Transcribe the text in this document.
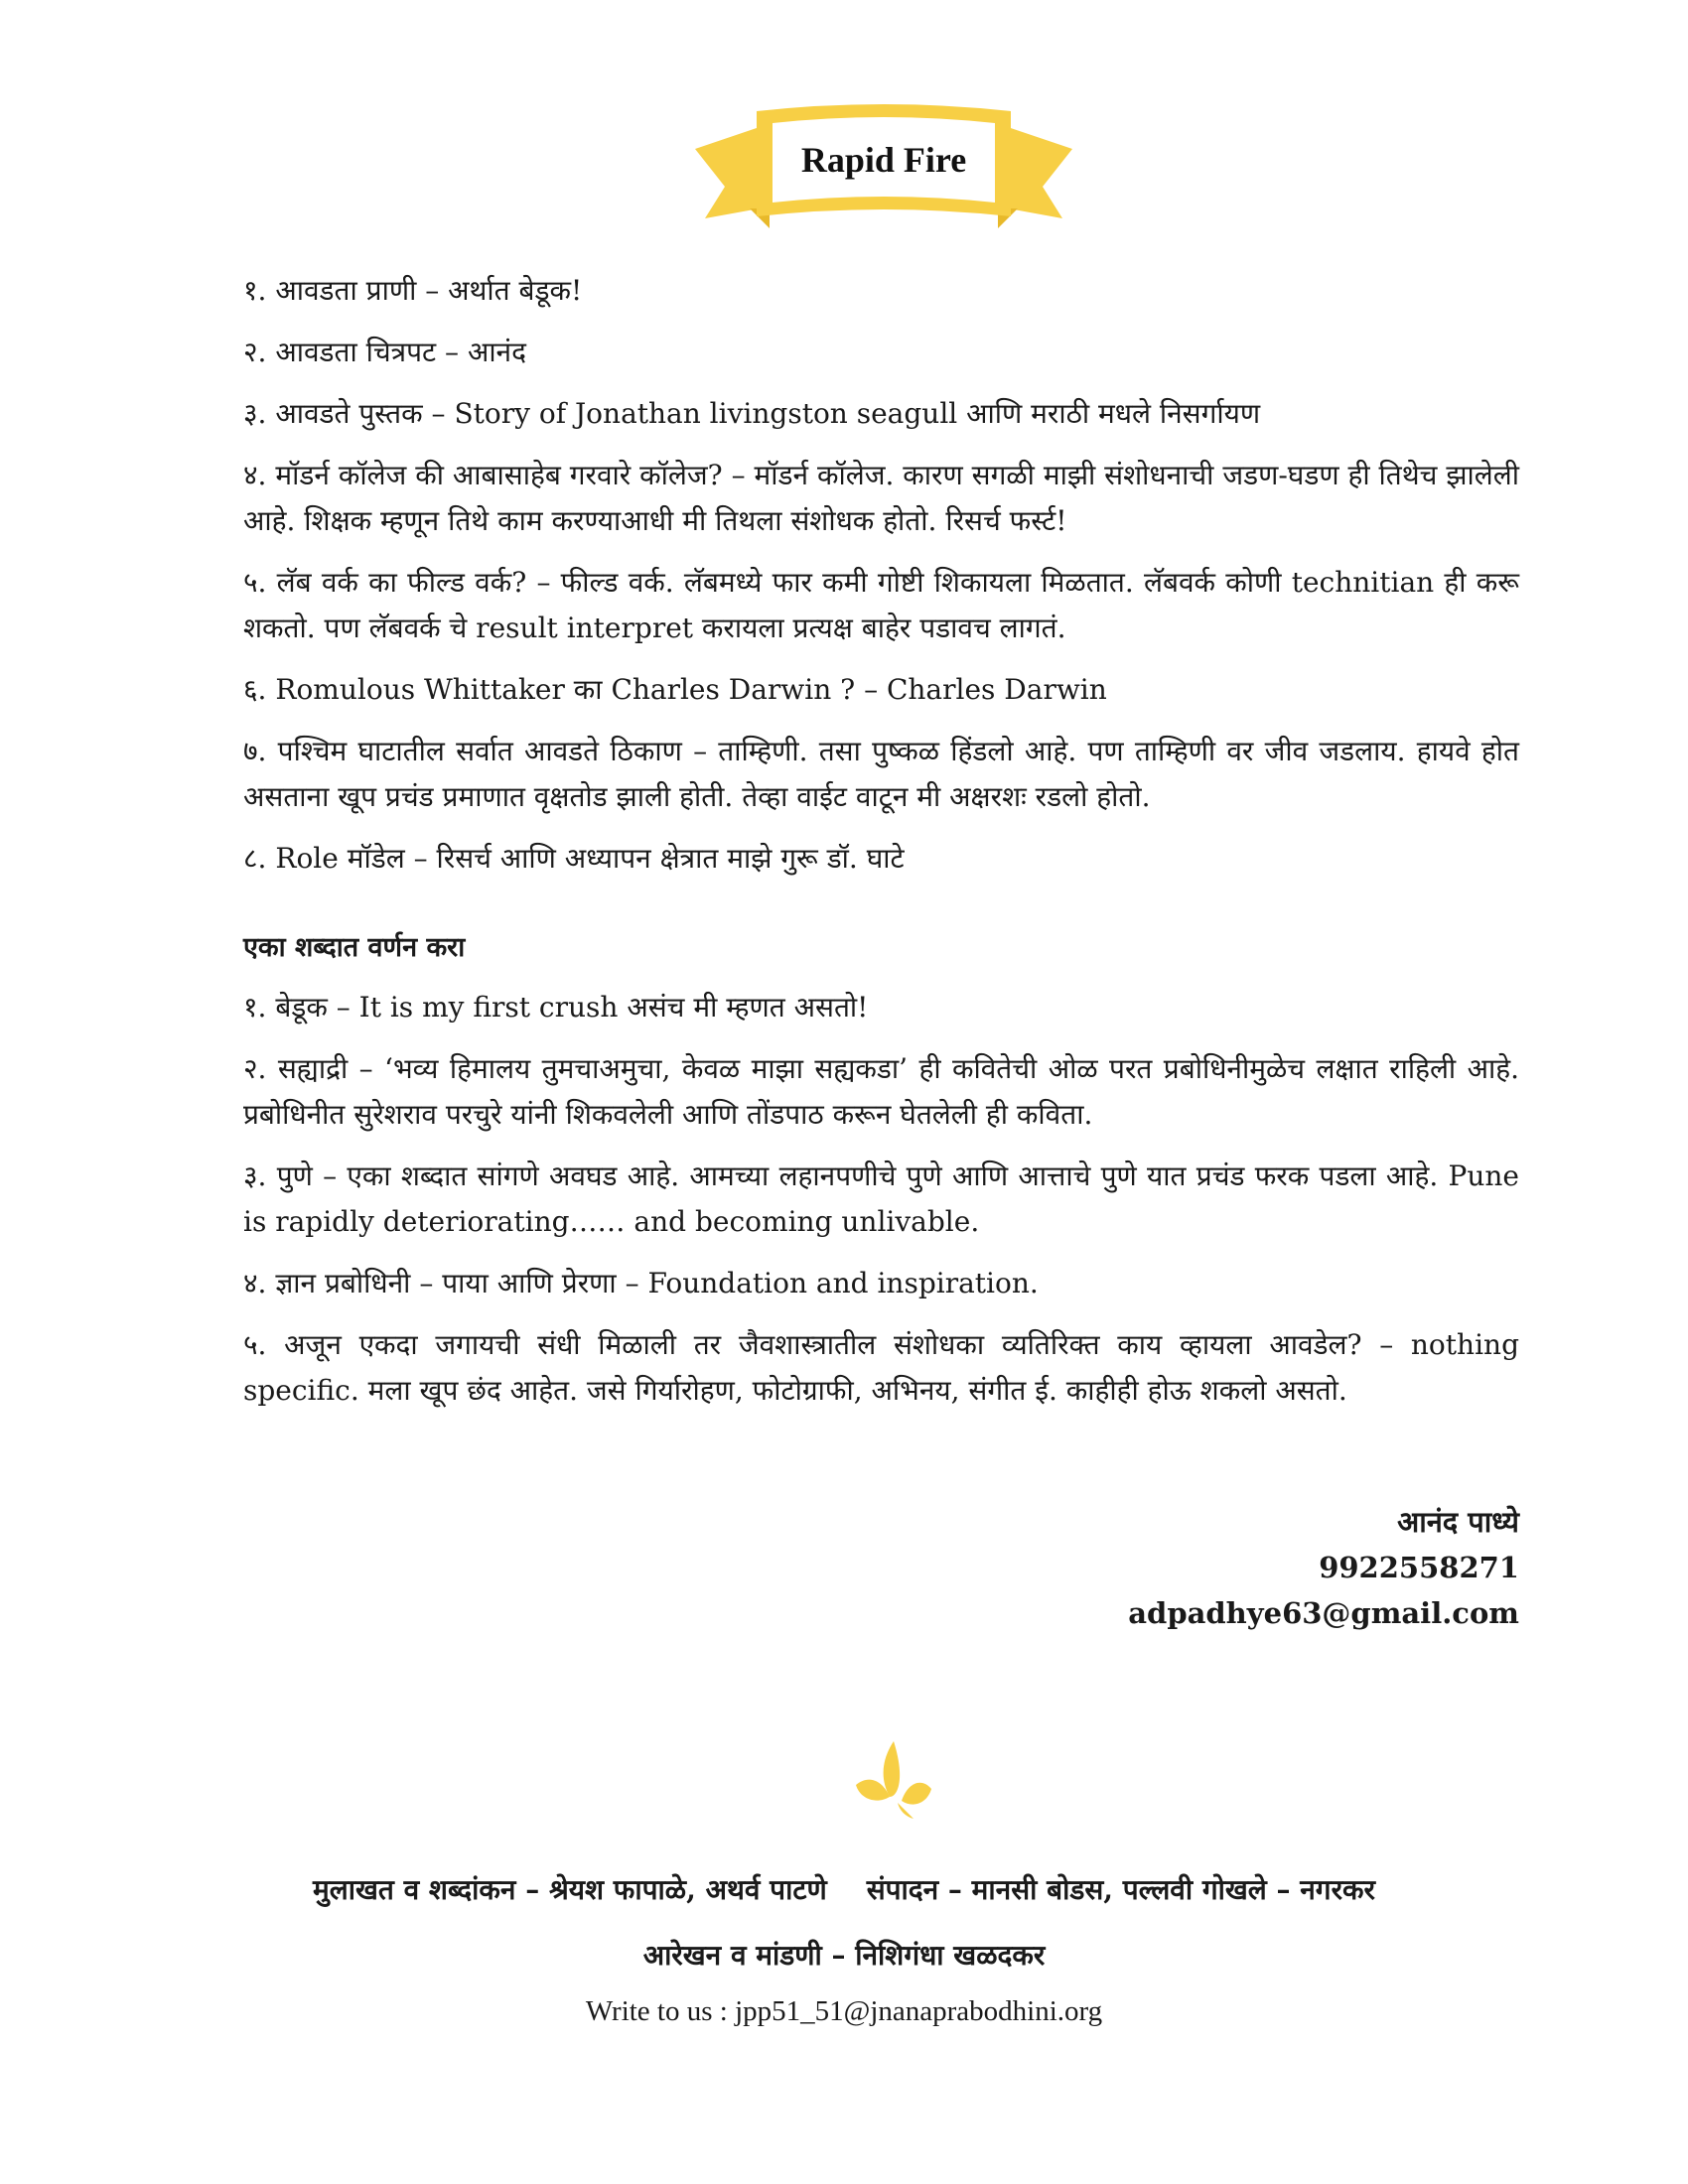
Rapid Fire

१. आवडता प्राणी – अर्थात बेडूक!

२. आवडता चित्रपट – आनंद

३. आवडते पुस्तक – Story of Jonathan livingston seagull आणि मराठी मधले निसर्गायण

४. मॉडर्न कॉलेज की आबासाहेब गरवारे कॉलेज? – मॉडर्न कॉलेज. कारण सगळी माझी संशोधनाची जडण-घडण ही तिथेच झालेली आहे. शिक्षक म्हणून तिथे काम करण्याआधी मी तिथला संशोधक होतो. रिसर्च फर्स्ट!

५. लॅब वर्क का फील्ड वर्क? – फील्ड वर्क. लॅबमध्ये फार कमी गोष्टी शिकायला मिळतात. लॅबवर्क कोणी technitian ही करू शकतो. पण लॅबवर्क चे result interpret करायला प्रत्यक्ष बाहेर पडावच लागतं.

६. Romulous Whittaker का Charles Darwin ? – Charles Darwin

७. पश्चिम घाटातील सर्वात आवडते ठिकाण – ताम्हिणी. तसा पुष्कळ हिंडलो आहे. पण ताम्हिणी वर जीव जडलाय. हायवे होत असताना खूप प्रचंड प्रमाणात वृक्षतोड झाली होती. तेव्हा वाईट वाटून मी अक्षरशः रडलो होतो.

८. Role मॉडेल – रिसर्च आणि अध्यापन क्षेत्रात माझे गुरू डॉ. घाटे

एका शब्दात वर्णन करा

१. बेडूक – It is my first crush असंच मी म्हणत असतो!

२. सह्याद्री – ‘भव्य हिमालय तुमचाअमुचा, केवळ माझा सह्यकडा’ ही कवितेची ओळ परत प्रबोधिनीमुळेच लक्षात राहिली आहे. प्रबोधिनीत सुरेशराव परचुरे यांनी शिकवलेली आणि तोंडपाठ करून घेतलेली ही कविता.

३. पुणे – एका शब्दात सांगणे अवघड आहे. आमच्या लहानपणीचे पुणे आणि आत्ताचे पुणे यात प्रचंड फरक पडला आहे. Pune is rapidly deteriorating…… and becoming unlivable.

४. ज्ञान प्रबोधिनी – पाया आणि प्रेरणा – Foundation and inspiration.

५. अजून एकदा जगायची संधी मिळाली तर जैवशास्त्रातील संशोधका व्यतिरिक्त काय व्हायला आवडेल? – nothing specific. मला खूप छंद आहेत. जसे गिर्यारोहण, फोटोग्राफी, अभिनय, संगीत ई. काहीही होऊ शकलो असतो.

आनंद पाध्ये
9922558271
adpadhye63@gmail.com
मुलाखत व शब्दांकन – श्रेयश फापाळे, अथर्व पाटणे संपादन – मानसी बोडस, पल्लवी गोखले – नगरकर
आरेखन व मांडणी – निशिगंधा खळदकर
Write to us : jpp51_51@jnanaprabodhini.org
